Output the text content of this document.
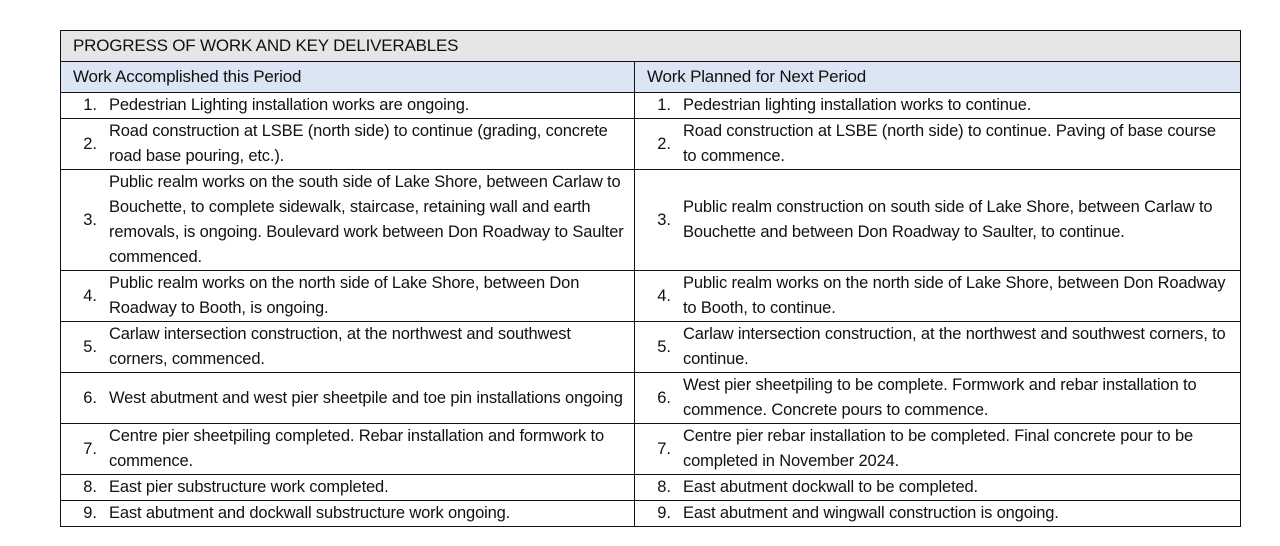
PROGRESS OF WORK AND KEY DELIVERABLES	
Work Accomplished this Period	Work Planned for Next Period

1. Pedestrian Lighting installation works are ongoing.	1. Pedestrian lighting installation works to continue.

2.
Road construction at LSBE (north side) to continue (grading, concrete road base pouring, etc.).	2.
Road construction at LSBE (north side) to continue. Paving of base course to commence.

3.
Public realm works on the south side of Lake Shore, between Carlaw to Bouchette, to complete sidewalk, staircase, retaining wall and earth removals, is ongoing. Boulevard work between Don Roadway to Saulter commenced.	3.
Public realm construction on south side of Lake Shore, between Carlaw to Bouchette and between Don Roadway to Saulter, to continue.

4.
Public realm works on the north side of Lake Shore, between Don Roadway to Booth, is ongoing.	4.
Public realm works on the north side of Lake Shore, between Don Roadway to Booth, to continue.

5.
Carlaw intersection construction, at the northwest and southwest corners, commenced.	5.
Carlaw intersection construction, at the northwest and southwest corners, to continue.

6. West abutment and west pier sheetpile and toe pin installations ongoing	6.
West pier sheetpiling to be complete. Formwork and rebar installation to commence. Concrete pours to commence.

7.
Centre pier sheetpiling completed. Rebar installation and formwork to commence.	7.
Centre pier rebar installation to be completed. Final concrete pour to be completed in November 2024.

8. East pier substructure work completed.	8. East abutment dockwall to be completed.

9. East abutment and dockwall substructure work ongoing.	9. East abutment and wingwall construction is ongoing.
